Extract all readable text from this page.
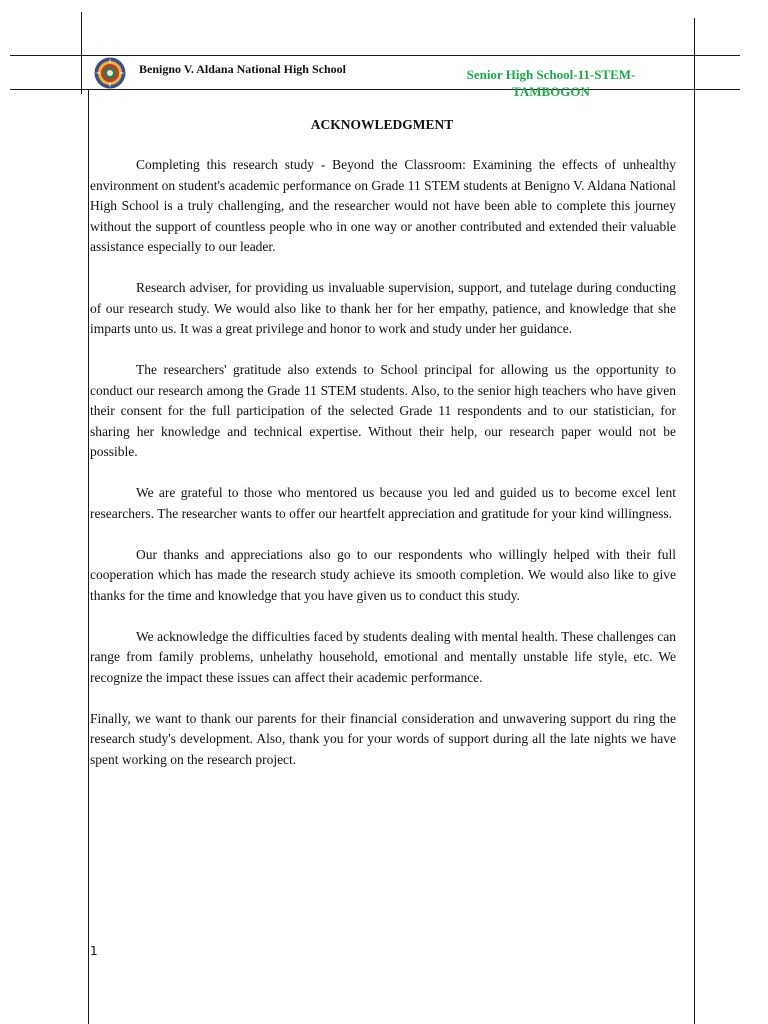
Benigno V. Aldana National High School	Senior High School-11-STEM-TAMBOGON
ACKNOWLEDGMENT

Completing this research study - Beyond the Classroom: Examining the effects of unhealthy environment on student's academic performance on Grade 11 STEM students at Benigno V. Aldana National High School is a truly challenging, and the researcher would not have been able to complete this journey without the support of countless people who in one way or another contributed and extended their valuable assistance especially to our leader.

Research adviser, for providing us invaluable supervision, support, and tutelage during conducting of our research study. We would also like to thank her for her empathy, patience, and knowledge that she imparts unto us. It was a great privilege and honor to work and study under her guidance.

The researchers' gratitude also extends to School principal for allowing us the opportunity to conduct our research among the Grade 11 STEM students. Also, to the senior high teachers who have given their consent for the full participation of the selected Grade 11 respondents and to our statistician, for sharing her knowledge and technical expertise. Without their help, our research paper would not be possible.

We are grateful to those who mentored us because you led and guided us to become excel lent researchers. The researcher wants to offer our heartfelt appreciation and gratitude for your kind willingness.

Our thanks and appreciations also go to our respondents who willingly helped with their full cooperation which has made the research study achieve its smooth completion. We would also like to give thanks for the time and knowledge that you have given us to conduct this study.

We acknowledge the difficulties faced by students dealing with mental health. These challenges can range from family problems, unhelathy household, emotional and mentally unstable life style, etc. We recognize the impact these issues can affect their academic performance.

Finally, we want to thank our parents for their financial consideration and unwavering support du ring the research study's development. Also, thank you for your words of support during all the late nights we have spent working on the research project.

1
